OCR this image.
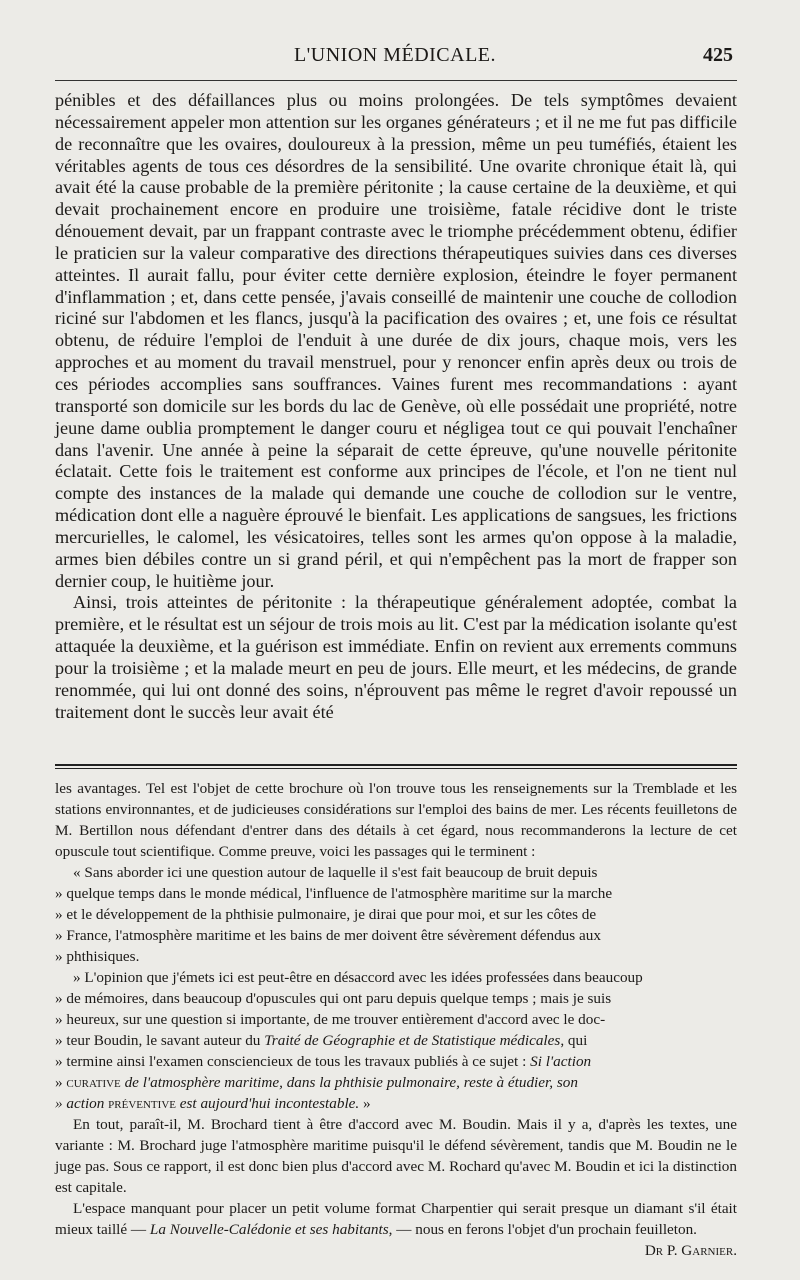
L'UNION MÉDICALE.	425

pénibles et des défaillances plus ou moins prolongées. De tels symptômes devaient nécessairement appeler mon attention sur les organes générateurs ; et il ne me fut pas difficile de reconnaître que les ovaires, douloureux à la pression, même un peu tuméfiés, étaient les véritables agents de tous ces désordres de la sensibilité. Une ovarite chronique était là, qui avait été la cause probable de la première péritonite ; la cause certaine de la deuxième, et qui devait prochainement encore en produire une troisième, fatale récidive dont le triste dénouement devait, par un frappant contraste avec le triomphe précédemment obtenu, édifier le praticien sur la valeur comparative des directions thérapeutiques suivies dans ces diverses atteintes. Il aurait fallu, pour éviter cette dernière explosion, éteindre le foyer permanent d'inflammation ; et, dans cette pensée, j'avais conseillé de maintenir une couche de collodion riciné sur l'abdomen et les flancs, jusqu'à la pacification des ovaires ; et, une fois ce résultat obtenu, de réduire l'emploi de l'enduit à une durée de dix jours, chaque mois, vers les approches et au moment du travail menstruel, pour y renoncer enfin après deux ou trois de ces périodes accomplies sans souffrances. Vaines furent mes recommandations : ayant transporté son domicile sur les bords du lac de Genève, où elle possédait une propriété, notre jeune dame oublia promptement le danger couru et négligea tout ce qui pouvait l'enchaîner dans l'avenir. Une année à peine la séparait de cette épreuve, qu'une nouvelle péritonite éclatait. Cette fois le traitement est conforme aux principes de l'école, et l'on ne tient nul compte des instances de la malade qui demande une couche de collodion sur le ventre, médication dont elle a naguère éprouvé le bienfait. Les applications de sangsues, les frictions mercurielles, le calomel, les vésicatoires, telles sont les armes qu'on oppose à la maladie, armes bien débiles contre un si grand péril, et qui n'empêchent pas la mort de frapper son dernier coup, le huitième jour.

Ainsi, trois atteintes de péritonite : la thérapeutique généralement adoptée, combat la première, et le résultat est un séjour de trois mois au lit. C'est par la médication isolante qu'est attaquée la deuxième, et la guérison est immédiate. Enfin on revient aux errements communs pour la troisième ; et la malade meurt en peu de jours. Elle meurt, et les médecins, de grande renommée, qui lui ont donné des soins, n'éprouvent pas même le regret d'avoir repoussé un traitement dont le succès leur avait été

les avantages. Tel est l'objet de cette brochure où l'on trouve tous les renseignements sur la Tremblade et les stations environnantes, et de judicieuses considérations sur l'emploi des bains de mer. Les récents feuilletons de M. Bertillon nous défendant d'entrer dans des détails à cet égard, nous recommanderons la lecture de cet opuscule tout scientifique. Comme preuve, voici les passages qui le terminent :

« Sans aborder ici une question autour de laquelle il s'est fait beaucoup de bruit depuis
» quelque temps dans le monde médical, l'influence de l'atmosphère maritime sur la marche
» et le développement de la phthisie pulmonaire, je dirai que pour moi, et sur les côtes de
» France, l'atmosphère maritime et les bains de mer doivent être sévèrement défendus aux
» phthisiques.
» L'opinion que j'émets ici est peut-être en désaccord avec les idées professées dans beaucoup
» de mémoires, dans beaucoup d'opuscules qui ont paru depuis quelque temps ; mais je suis
» heureux, sur une question si importante, de me trouver entièrement d'accord avec le doc-
» teur Boudin, le savant auteur du Traité de Géographie et de Statistique médicales, qui
» termine ainsi l'examen consciencieux de tous les travaux publiés à ce sujet : Si l'action
» curative de l'atmosphère maritime, dans la phthisie pulmonaire, reste à étudier, son
» action préventive est aujourd'hui incontestable. »

En tout, paraît-il, M. Brochard tient à être d'accord avec M. Boudin. Mais il y a, d'après les textes, une variante : M. Brochard juge l'atmosphère maritime puisqu'il le défend sévèrement, tandis que M. Boudin ne le juge pas. Sous ce rapport, il est donc bien plus d'accord avec M. Rochard qu'avec M. Boudin et ici la distinction est capitale.

L'espace manquant pour placer un petit volume format Charpentier qui serait presque un diamant s'il était mieux taillé — La Nouvelle-Calédonie et ses habitants, — nous en ferons l'objet d'un prochain feuilleton.
Dr P. Garnier.
